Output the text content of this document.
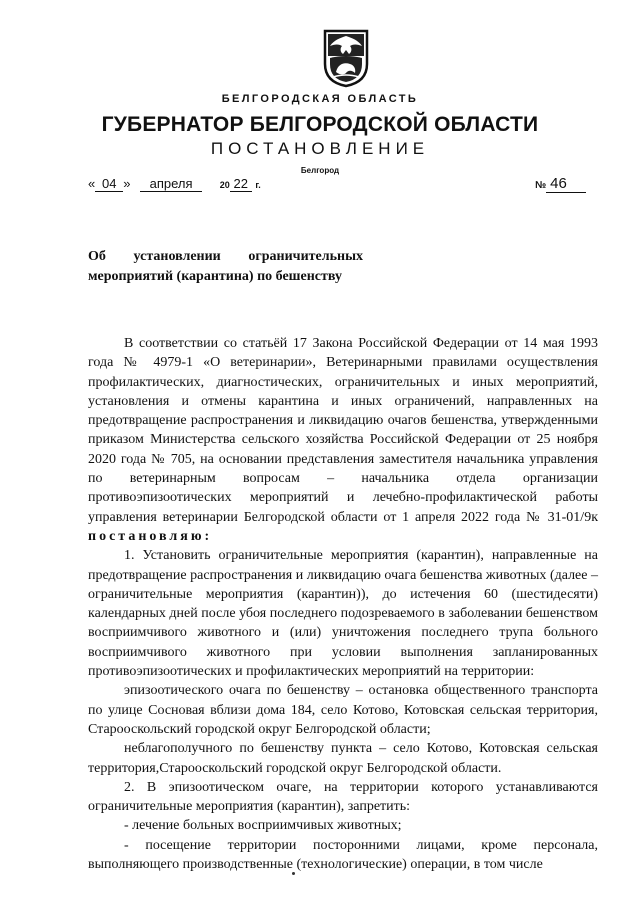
БЕЛГОРОДСКАЯ ОБЛАСТЬ
ГУБЕРНАТОР БЕЛГОРОДСКОЙ ОБЛАСТИ
ПОСТАНОВЛЕНИЕ
Белгород
« 04 » апреля	20 22 г.	№ 46
Об установлении ограничительных
мероприятий (карантина) по бешенству

В соответствии со статьёй 17 Закона Российской Федерации от 14 мая 1993 года № 4979-1 «О ветеринарии», Ветеринарными правилами осуществления профилактических, диагностических, ограничительных и иных мероприятий, установления и отмены карантина и иных ограничений, направленных на предотвращение распространения и ликвидацию очагов бешенства, утвержденными приказом Министерства сельского хозяйства Российской Федерации от 25 ноября 2020 года № 705, на основании представления заместителя начальника управления по ветеринарным вопросам – начальника отдела организации противоэпизоотических мероприятий и лечебно-профилактической работы управления ветеринарии Белгородской области от 1 апреля 2022 года № 31-01/9к постановляю:

1. Установить ограничительные мероприятия (карантин), направленные на предотвращение распространения и ликвидацию очага бешенства животных (далее – ограничительные мероприятия (карантин)), до истечения 60 (шестидесяти) календарных дней после убоя последнего подозреваемого в заболевании бешенством восприимчивого животного и (или) уничтожения последнего трупа больного восприимчивого животного при условии выполнения запланированных противоэпизоотических и профилактических мероприятий на территории:

эпизоотического очага по бешенству – остановка общественного транспорта по улице Сосновая вблизи дома 184, село Котово, Котовская сельская территория, Старооскольский городской округ Белгородской области;

неблагополучного по бешенству пункта – село Котово, Котовская сельская территория,Старооскольский городской округ Белгородской области.

2. В эпизоотическом очаге, на территории которого устанавливаются ограничительные мероприятия (карантин), запретить:

- лечение больных восприимчивых животных;

- посещение территории посторонними лицами, кроме персонала, выполняющего производственные (технологические) операции, в том числе
